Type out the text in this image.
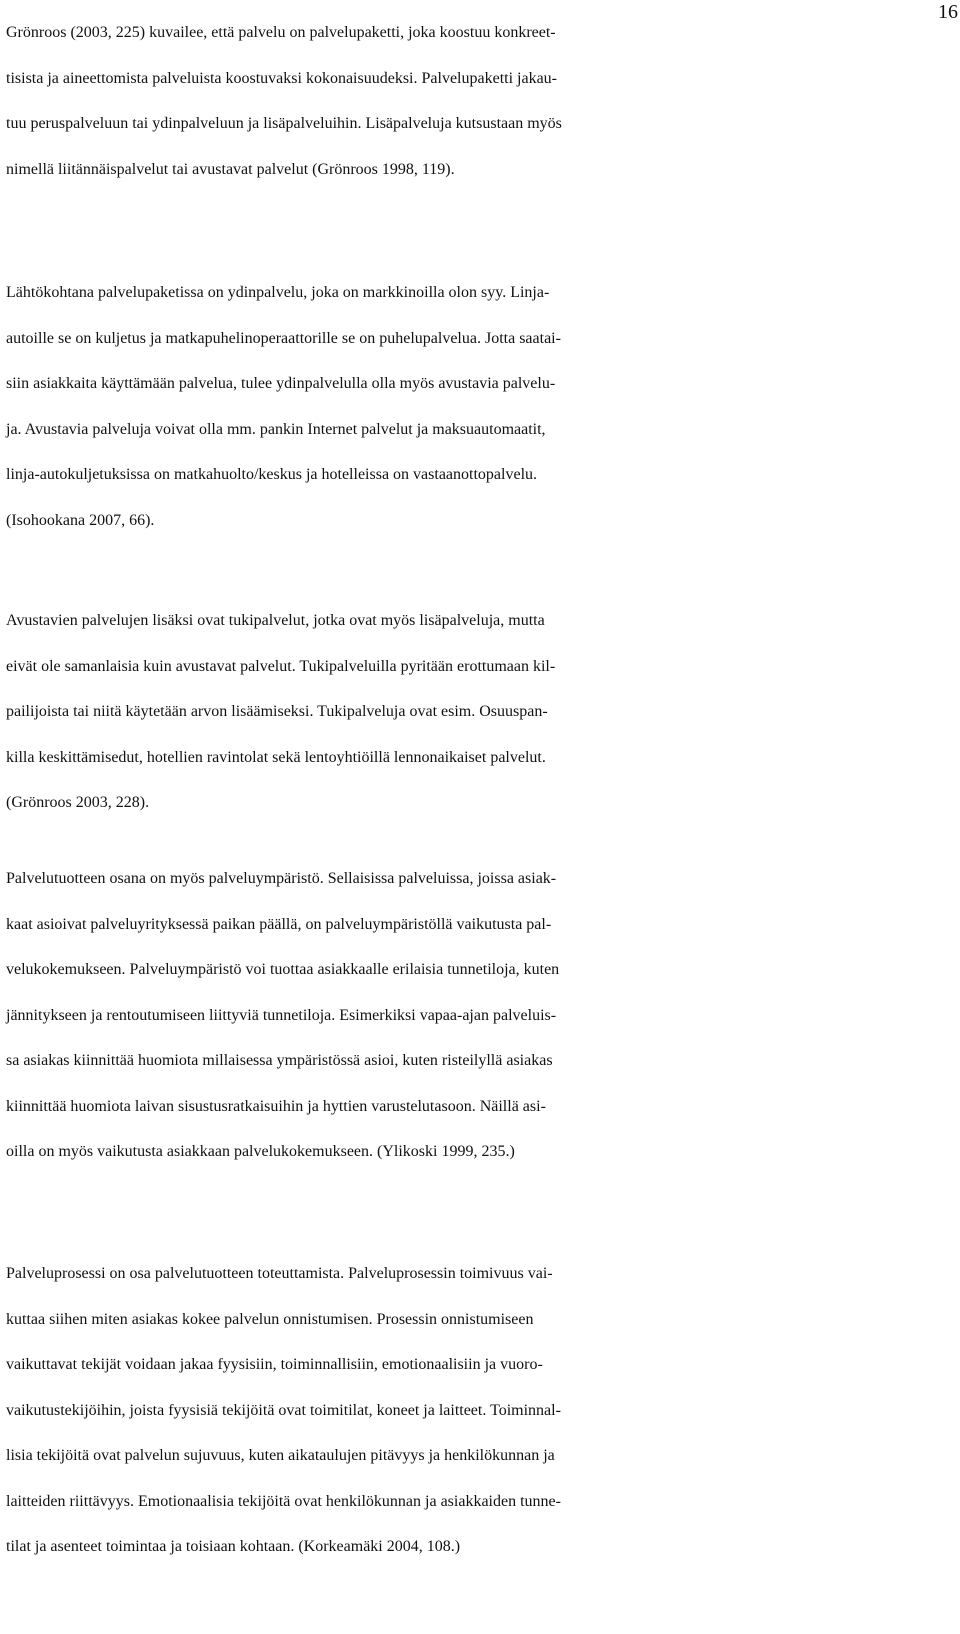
16
Grönroos (2003, 225) kuvailee, että palvelu on palvelupaketti, joka koostuu konkreet-
tisista ja aineettomista palveluista koostuvaksi kokonaisuudeksi. Palvelupaketti jakau-
tuu peruspalveluun tai ydinpalveluun ja lisäpalveluihin. Lisäpalveluja kutsustaan myös
nimellä liitännäispalvelut tai avustavat palvelut (Grönroos 1998, 119).
Lähtökohtana palvelupaketissa on ydinpalvelu, joka on markkinoilla olon syy. Linja-
autoille se on kuljetus ja matkapuhelinoperaattorille se on puhelupalvelua. Jotta saatai-
siin asiakkaita käyttämään palvelua, tulee ydinpalvelulla olla myös avustavia palvelu-
ja. Avustavia palveluja voivat olla mm. pankin Internet palvelut ja maksuautomaatit,
linja-autokuljetuksissa on matkahuolto/keskus ja hotelleissa on vastaanottopalvelu.
(Isohookana 2007, 66).
Avustavien palvelujen lisäksi ovat tukipalvelut, jotka ovat myös lisäpalveluja, mutta
eivät ole samanlaisia kuin avustavat palvelut. Tukipalveluilla pyritään erottumaan kil-
pailijoista tai niitä käytetään arvon lisäämiseksi. Tukipalveluja ovat esim. Osuuspan-
killa keskittämisedut, hotellien ravintolat sekä lentoyhtiöillä lennonaikaiset palvelut.
(Grönroos 2003, 228).
Palvelutuotteen osana on myös palveluympäristö. Sellaisissa palveluissa, joissa asiak-
kaat asioivat palveluyrityksessä paikan päällä, on palveluympäristöllä vaikutusta pal-
velukokemukseen. Palveluympäristö voi tuottaa asiakkaalle erilaisia tunnetiloja, kuten
jännitykseen ja rentoutumiseen liittyviä tunnetiloja. Esimerkiksi vapaa-ajan palveluis-
sa asiakas kiinnittää huomiota millaisessa ympäristössä asioi, kuten risteilyllä asiakas
kiinnittää huomiota laivan sisustusratkaisuihin ja hyttien varustelutasoon. Näillä asi-
oilla on myös vaikutusta asiakkaan palvelukokemukseen. (Ylikoski 1999, 235.)
Palveluprosessi on osa palvelutuotteen toteuttamista. Palveluprosessin toimivuus vai-
kuttaa siihen miten asiakas kokee palvelun onnistumisen. Prosessin onnistumiseen
vaikuttavat tekijät voidaan jakaa fyysisiin, toiminnallisiin, emotionaalisiin ja vuoro-
vaikutustekijöihin, joista fyysisiä tekijöitä ovat toimitilat, koneet ja laitteet. Toiminnal-
lisia tekijöitä ovat palvelun sujuvuus, kuten aikataulujen pitävyys ja henkilökunnan ja
laitteiden riittävyys. Emotionaalisia tekijöitä ovat henkilökunnan ja asiakkaiden tunne-
tilat ja asenteet toimintaa ja toisiaan kohtaan. (Korkeamäki 2004, 108.)
